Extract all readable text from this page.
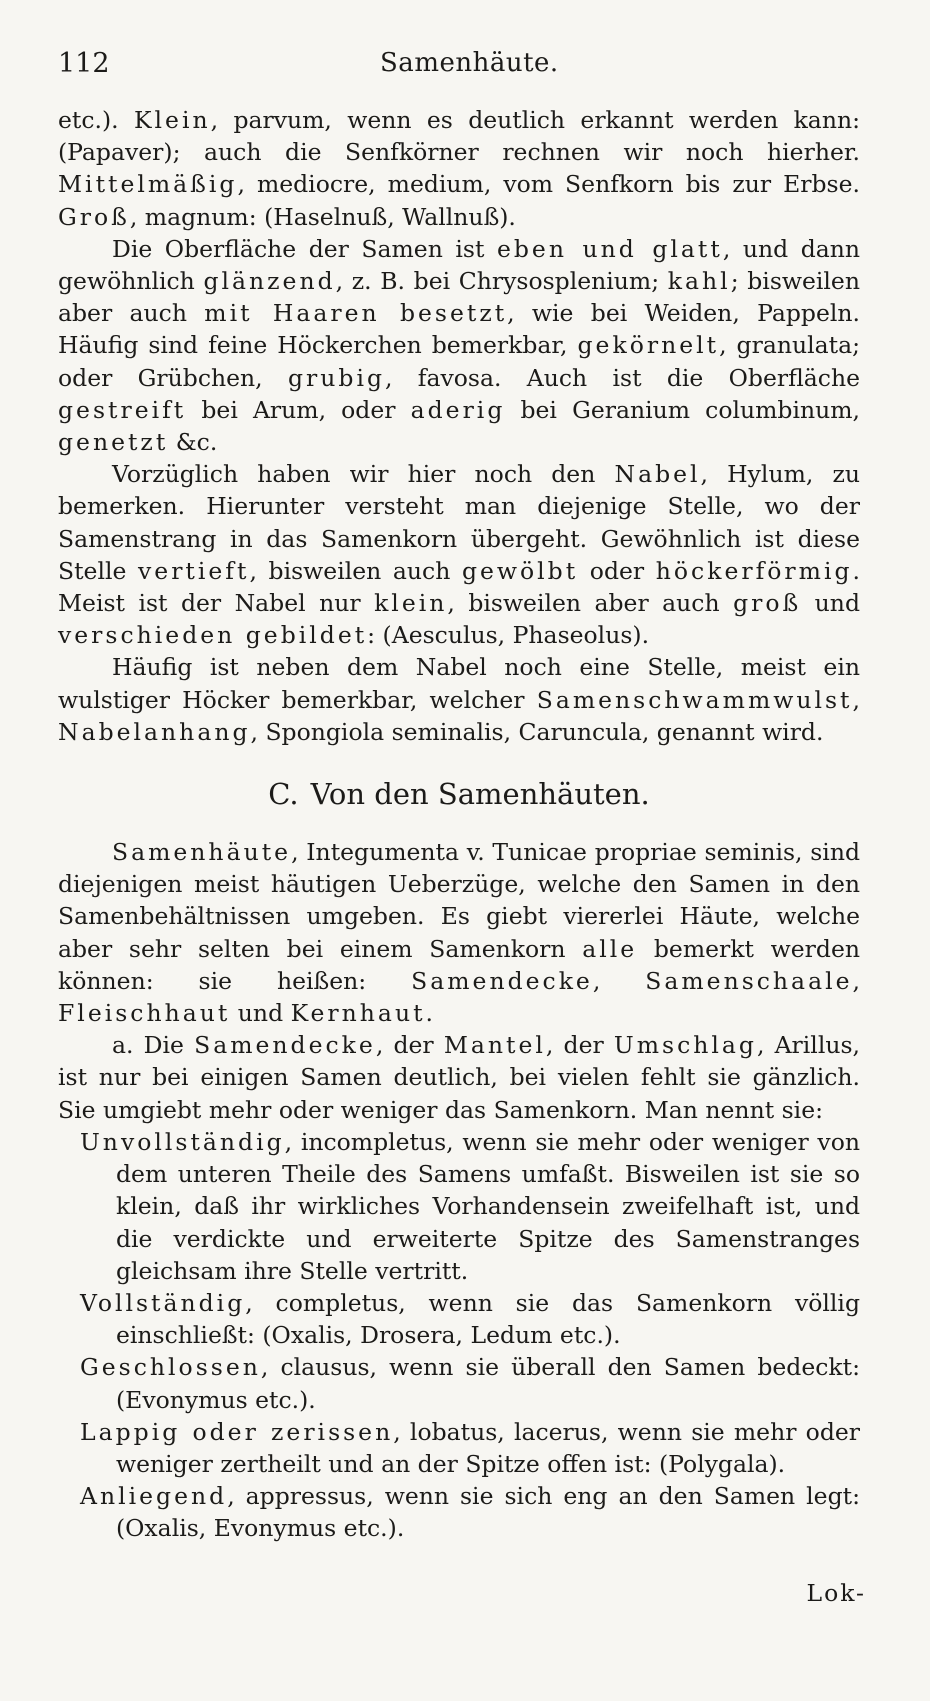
112	Samenhäute.

etc.). Klein, parvum, wenn es deutlich erkannt werden kann: (Papaver); auch die Senfkörner rechnen wir noch hierher. Mittelmäßig, mediocre, medium, vom Senfkorn bis zur Erbse. Groß, magnum: (Haselnuß, Wallnuß).

Die Oberfläche der Samen ist eben und glatt, und dann gewöhnlich glänzend, z. B. bei Chrysosplenium; kahl; bisweilen aber auch mit Haaren besetzt, wie bei Weiden, Pappeln. Häufig sind feine Höckerchen bemerkbar, gekörnelt, granulata; oder Grübchen, grubig, favosa. Auch ist die Oberfläche gestreift bei Arum, oder aderig bei Geranium columbinum, genetzt &c.

Vorzüglich haben wir hier noch den Nabel, Hylum, zu bemerken. Hierunter versteht man diejenige Stelle, wo der Samenstrang in das Samenkorn übergeht. Gewöhnlich ist diese Stelle vertieft, bisweilen auch gewölbt oder höckerförmig. Meist ist der Nabel nur klein, bisweilen aber auch groß und verschieden gebildet: (Aesculus, Phaseolus).

Häufig ist neben dem Nabel noch eine Stelle, meist ein wulstiger Höcker bemerkbar, welcher Samenschwammwulst, Nabelanhang, Spongiola seminalis, Caruncula, genannt wird.

C. Von den Samenhäuten.

Samenhäute, Integumenta v. Tunicae propriae seminis, sind diejenigen meist häutigen Ueberzüge, welche den Samen in den Samenbehältnissen umgeben. Es giebt viererlei Häute, welche aber sehr selten bei einem Samenkorn alle bemerkt werden können: sie heißen: Samendecke, Samenschaale, Fleischhaut und Kernhaut.

a. Die Samendecke, der Mantel, der Umschlag, Arillus, ist nur bei einigen Samen deutlich, bei vielen fehlt sie gänzlich. Sie umgiebt mehr oder weniger das Samenkorn. Man nennt sie:

Unvollständig, incompletus, wenn sie mehr oder weniger von dem unteren Theile des Samens umfaßt. Bisweilen ist sie so klein, daß ihr wirkliches Vorhandensein zweifelhaft ist, und die verdickte und erweiterte Spitze des Samenstranges gleichsam ihre Stelle vertritt.

Vollständig, completus, wenn sie das Samenkorn völlig einschließt: (Oxalis, Drosera, Ledum etc.).

Geschlossen, clausus, wenn sie überall den Samen bedeckt: (Evonymus etc.).

Lappig oder zerissen, lobatus, lacerus, wenn sie mehr oder weniger zertheilt und an der Spitze offen ist: (Polygala).

Anliegend, appressus, wenn sie sich eng an den Samen legt: (Oxalis, Evonymus etc.).

Lok-
